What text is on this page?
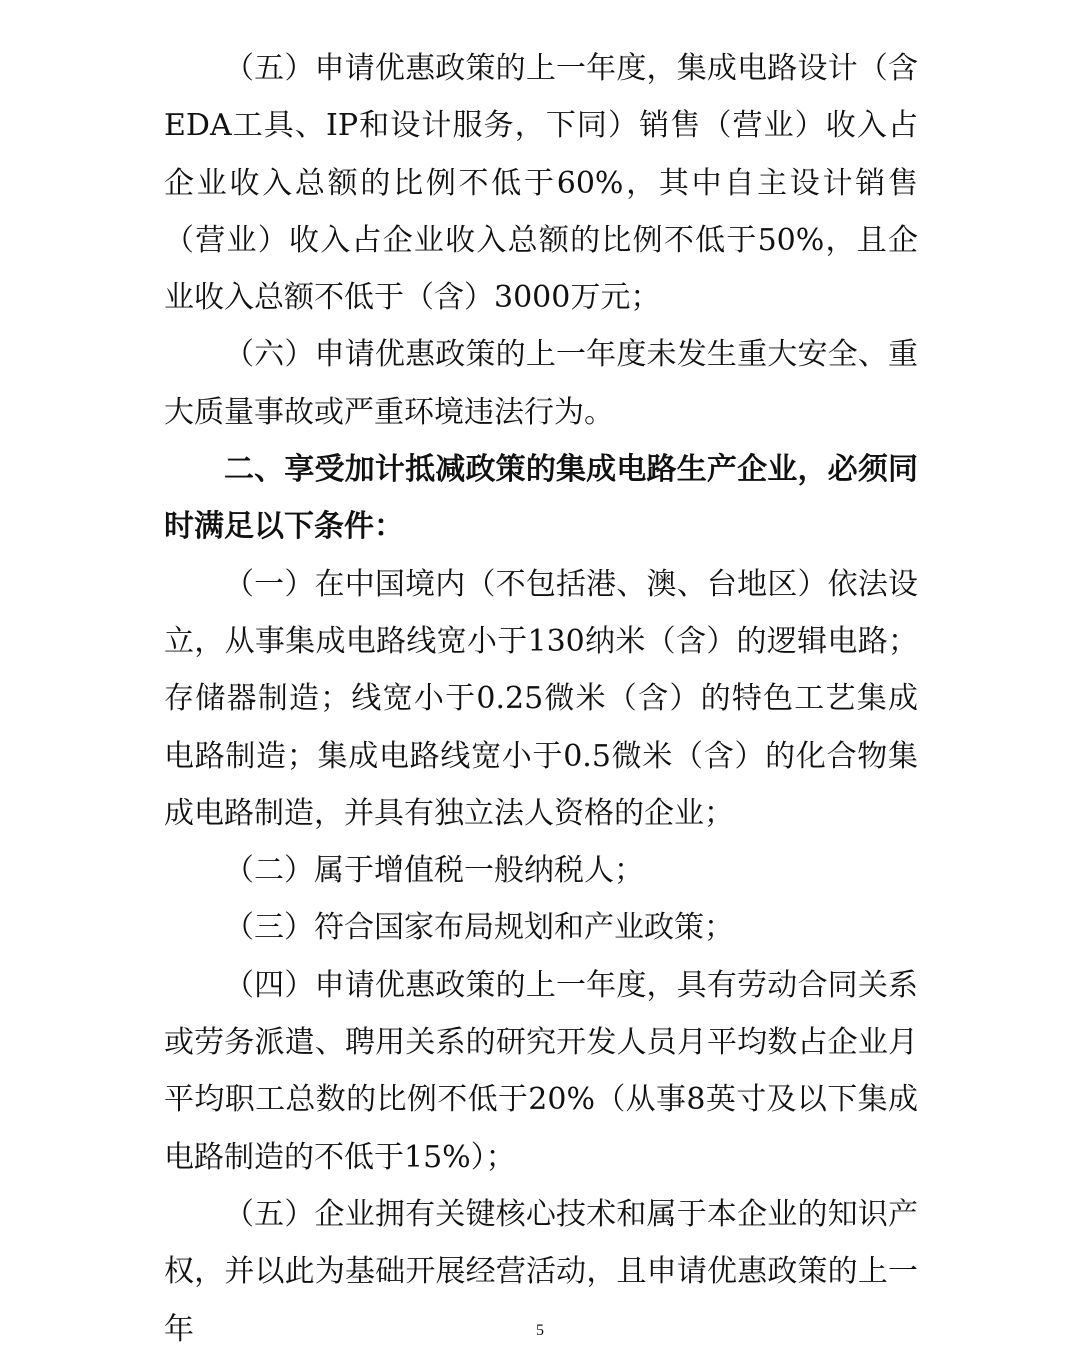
（五）申请优惠政策的上一年度，集成电路设计（含EDA工具、IP和设计服务，下同）销售（营业）收入占企业收入总额的比例不低于60%，其中自主设计销售（营业）收入占企业收入总额的比例不低于50%，且企业收入总额不低于（含）3000万元；

（六）申请优惠政策的上一年度未发生重大安全、重大质量事故或严重环境违法行为。

二、享受加计抵减政策的集成电路生产企业，必须同时满足以下条件：

（一）在中国境内（不包括港、澳、台地区）依法设立，从事集成电路线宽小于130纳米（含）的逻辑电路；存储器制造；线宽小于0.25微米（含）的特色工艺集成电路制造；集成电路线宽小于0.5微米（含）的化合物集成电路制造，并具有独立法人资格的企业；

（二）属于增值税一般纳税人；

（三）符合国家布局规划和产业政策；

（四）申请优惠政策的上一年度，具有劳动合同关系或劳务派遣、聘用关系的研究开发人员月平均数占企业月平均职工总数的比例不低于20%（从事8英寸及以下集成电路制造的不低于15%）；

（五）企业拥有关键核心技术和属于本企业的知识产权，并以此为基础开展经营活动，且申请优惠政策的上一年	5
